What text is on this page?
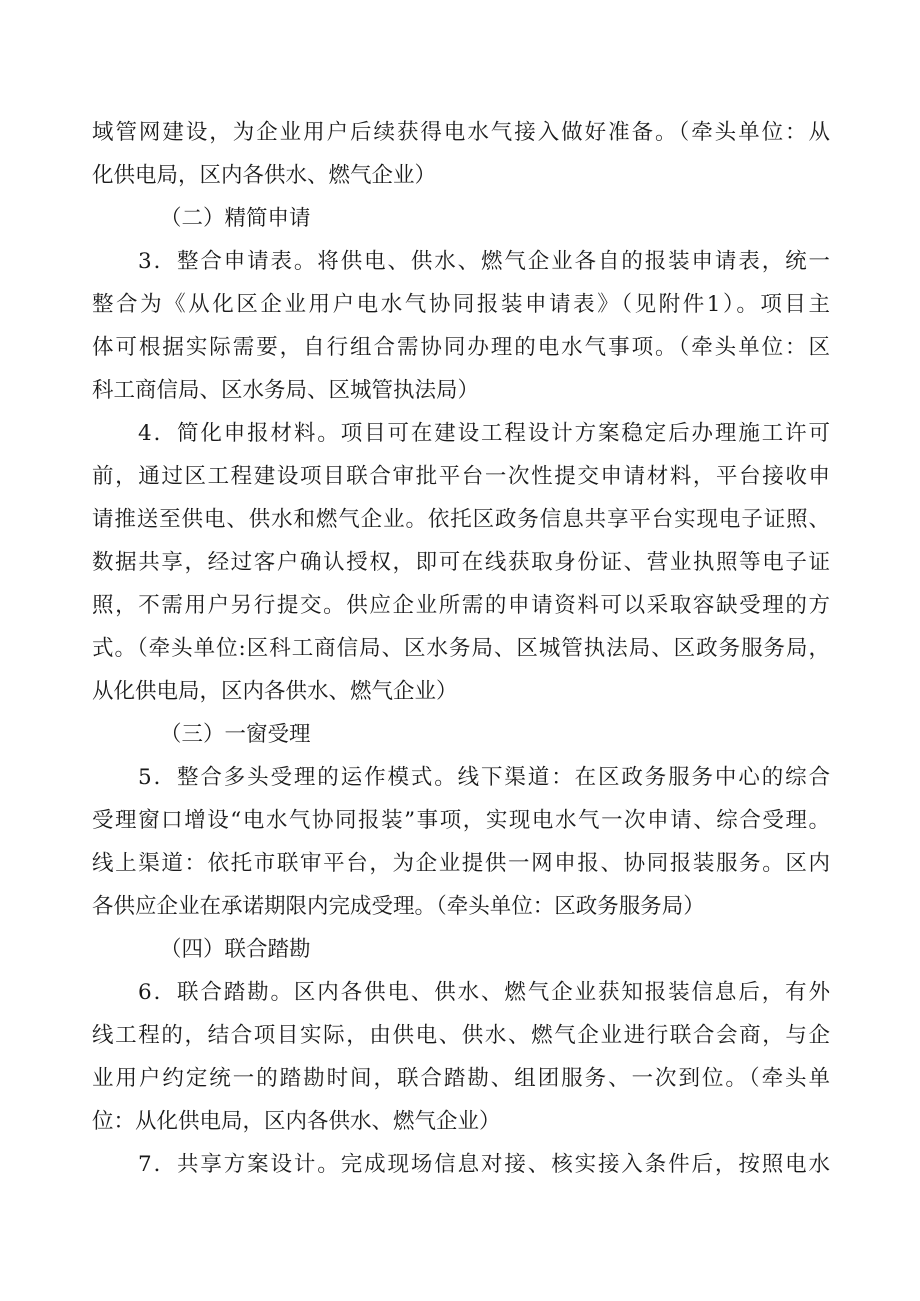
域管网建设，为企业用户后续获得电水气接入做好准备。（牵头单位：从
化供电局，区内各供水、燃气企业）
（二）精简申请
3．整合申请表。将供电、供水、燃气企业各自的报装申请表，统一
整合为《从化区企业用户电水气协同报装申请表》（见附件1）。项目主
体可根据实际需要，自行组合需协同办理的电水气事项。（牵头单位：区
科工商信局、区水务局、区城管执法局）
4．简化申报材料。项目可在建设工程设计方案稳定后办理施工许可
前，通过区工程建设项目联合审批平台一次性提交申请材料，平台接收申
请推送至供电、供水和燃气企业。依托区政务信息共享平台实现电子证照、
数据共享，经过客户确认授权，即可在线获取身份证、营业执照等电子证
照，不需用户另行提交。供应企业所需的申请资料可以采取容缺受理的方
式。（牵头单位:区科工商信局、区水务局、区城管执法局、区政务服务局，
从化供电局，区内各供水、燃气企业）
（三）一窗受理
5．整合多头受理的运作模式。线下渠道：在区政务服务中心的综合
受理窗口增设“电水气协同报装”事项，实现电水气一次申请、综合受理。
线上渠道：依托市联审平台，为企业提供一网申报、协同报装服务。区内
各供应企业在承诺期限内完成受理。（牵头单位：区政务服务局）
（四）联合踏勘
6．联合踏勘。区内各供电、供水、燃气企业获知报装信息后，有外
线工程的，结合项目实际，由供电、供水、燃气企业进行联合会商，与企
业用户约定统一的踏勘时间，联合踏勘、组团服务、一次到位。（牵头单
位：从化供电局，区内各供水、燃气企业）
7．共享方案设计。完成现场信息对接、核实接入条件后，按照电水
